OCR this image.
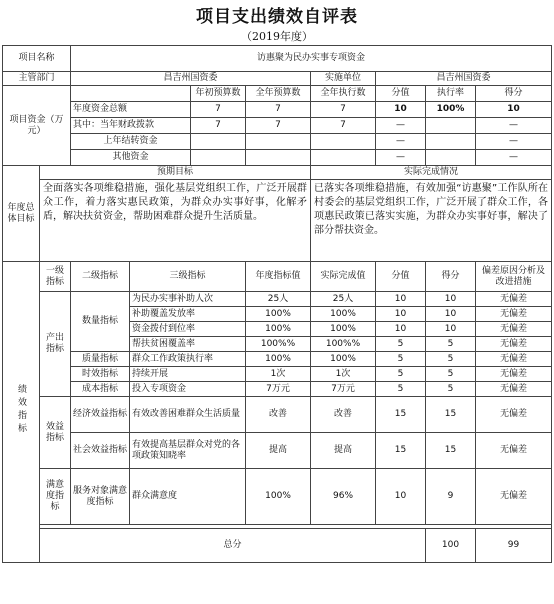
项目支出绩效自评表
（2019年度）
项目名称		访惠聚为民办实事专项资金								
主管部门		昌吉州国资委				实施单位	昌吉州国资委			
项目资金（万元）				年初预算数	全年预算数	全年执行数	分值	执行率	得分	
		年度资金总额		7	7	7	10	100%	10	
		其中：当年财政拨款		7	7	7	—		—	
		上年结转资金					—		—	
		其他资金					—		—	
年度总体目标	预期目标					实际完成情况				
	全面落实各项维稳措施，强化基层党组织工作，广泛开展群众工作，着力落实惠民政策，为群众办实事好事，化解矛盾，解决扶贫资金，帮助困难群众提升生活质量。					已落实各项维稳措施，有效加强“访惠聚”工作队所在村委会的基层党组织工作，广泛开展了群众工作，各项惠民政策已落实实施，为群众办实事好事，解决了部分帮扶资金。				
绩效指标	一级指标	二级指标	三级指标		年度指标值	实际完成值	分值	得分	偏差原因分析及改进措施	
	产出指标	数量指标	为民办实事补助人次		25人	25人	10	10	无偏差	
			补助覆盖发放率		100%	100%	10	10	无偏差	
			资金拨付到位率		100%	100%	10	10	无偏差	
			帮扶贫困覆盖率		100%%	100%%	5	5	无偏差	
		质量指标	群众工作政策执行率		100%	100%	5	5	无偏差	
		时效指标	持续开展		1次	1次	5	5	无偏差	
		成本指标	投入专项资金		7万元	7万元	5	5	无偏差	
	效益指标	经济效益指标	有效改善困难群众生活质量		改善	改善	15	15	无偏差	
		社会效益指标	有效提高基层群众对党的各项政策知晓率		提高	提高	15	15	无偏差	
	满意度指标	服务对象满意度指标	群众满意度		100%	96%	10	9	无偏差	

	总分							100	99	
